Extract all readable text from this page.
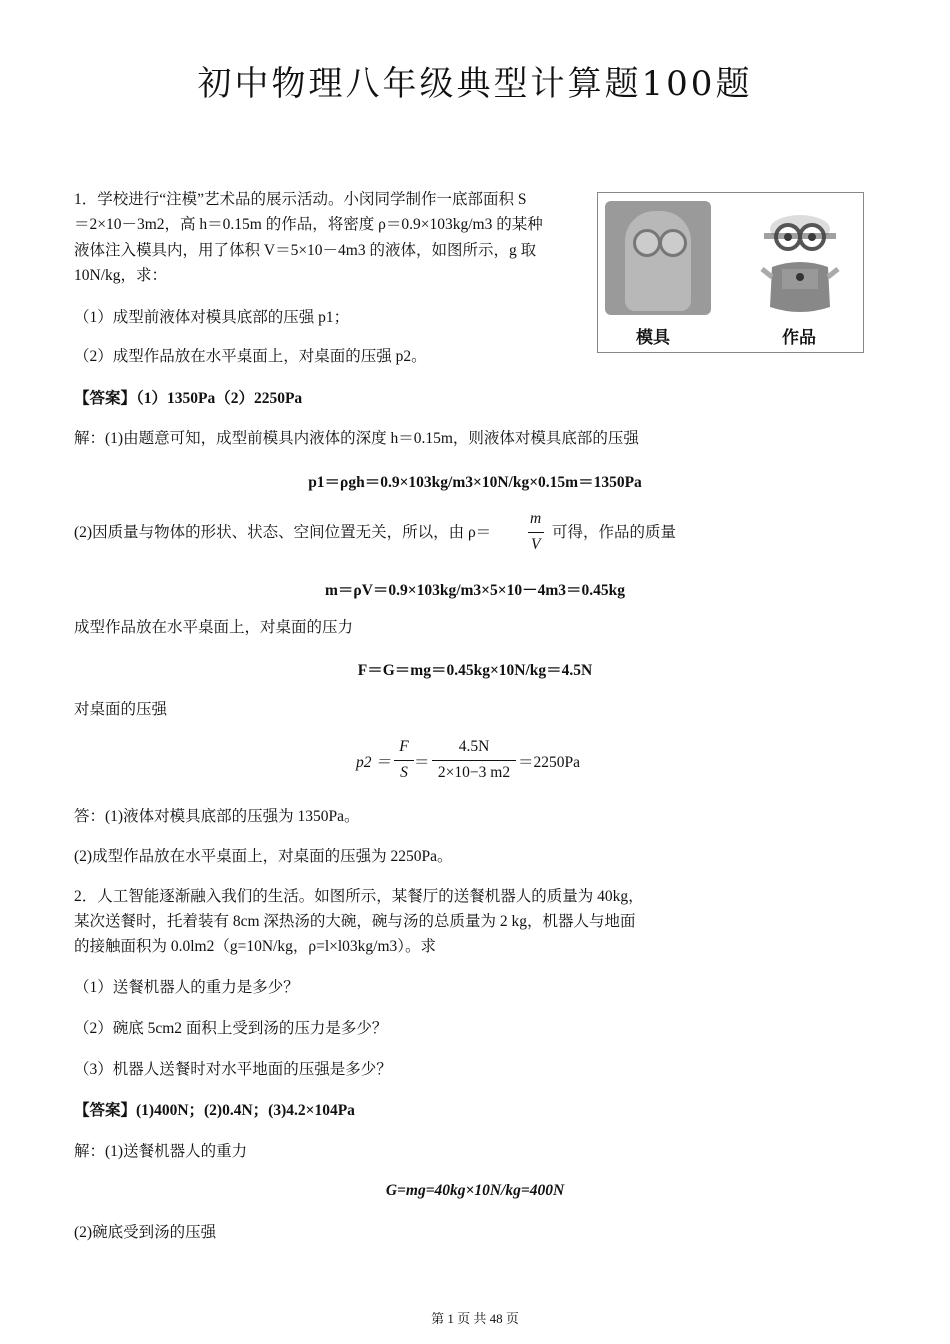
初中物理八年级典型计算题100题
模具	作品
1．学校进行“注模”艺术品的展示活动。小闵同学制作一底部面积 S
＝2×10－3m2，高 h＝0.15m 的作品，将密度 ρ＝0.9×103kg/m3 的某种
液体注入模具内，用了体积 V＝5×10－4m3 的液体，如图所示，g 取
10N/kg，求：
（1）成型前液体对模具底部的压强 p1；
（2）成型作品放在水平桌面上，对桌面的压强 p2。
【答案】（1）1350Pa（2）2250Pa
解：(1)由题意可知，成型前模具内液体的深度 h＝0.15m，则液体对模具底部的压强
p1＝ρgh＝0.9×103kg/m3×10N/kg×0.15m＝1350Pa
(2)因质量与物体的形状、状态、空间位置无关，所以，由 ρ＝
m
V
可得，作品的质量
m＝ρV＝0.9×103kg/m3×5×10－4m3＝0.45kg
成型作品放在水平桌面上，对桌面的压力
F＝G＝mg＝0.45kg×10N/kg＝4.5N
对桌面的压强
p2 ＝
F
S
＝
4.5N
2×10−3 m2
＝2250Pa
答：(1)液体对模具底部的压强为 1350Pa。
(2)成型作品放在水平桌面上，对桌面的压强为 2250Pa。
2．人工智能逐渐融入我们的生活。如图所示，某餐厅的送餐机器人的质量为 40kg，
某次送餐时，托着装有 8cm 深热汤的大碗，碗与汤的总质量为 2 kg，机器人与地面
的接触面积为 0.0lm2（g=10N/kg，ρ=l×l03kg/m3）。求
（1）送餐机器人的重力是多少？
（2）碗底 5cm2 面积上受到汤的压力是多少？
（3）机器人送餐时对水平地面的压强是多少？
【答案】(1)400N；(2)0.4N；(3)4.2×104Pa
解：(1)送餐机器人的重力
G=mg=40kg×10N/kg=400N
(2)碗底受到汤的压强
第 1 页 共 48 页
